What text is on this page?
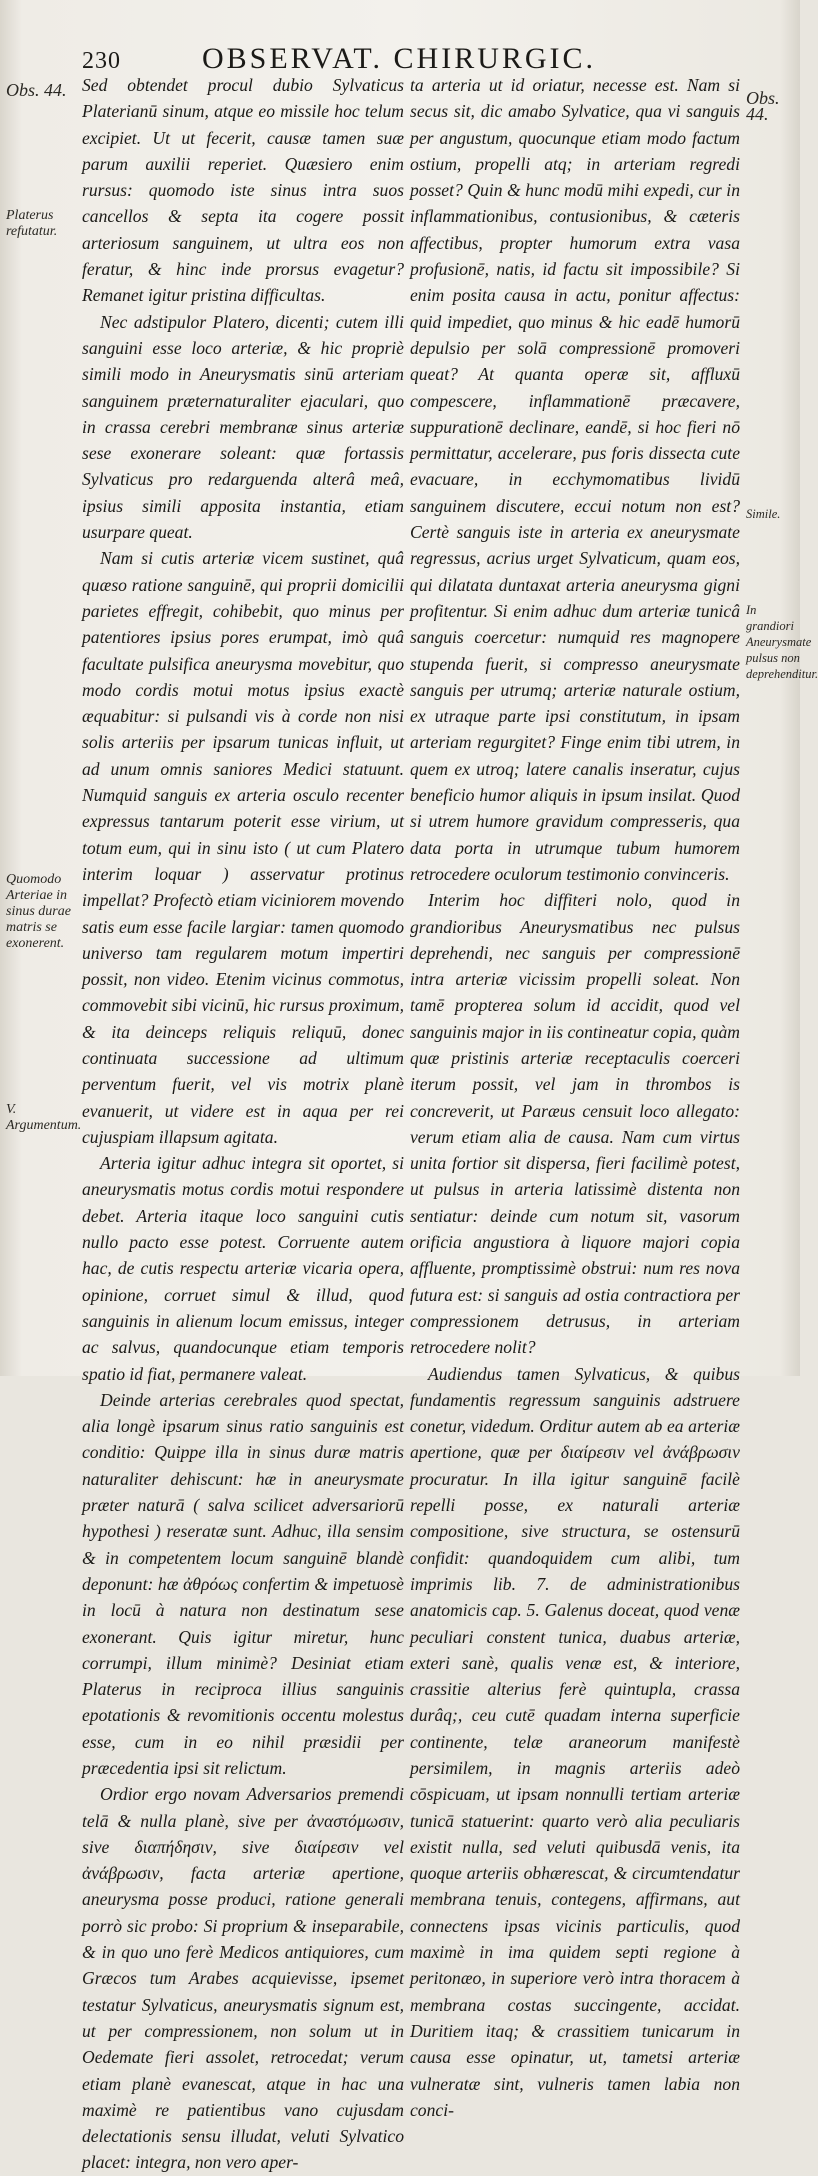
230	OBSERVAT. CHIRURGIC.
Obs. 44.	Obs. 44.
Platerus refutatur.
Quomodo Arteriae in sinus durae matris se exonerent.
V. Argumentum.
Simile.
In grandiori Aneurysmate pulsus non deprehenditur.

Sed obtendet procul dubio Sylvaticus Platerianū sinum, atque eo missile hoc telum excipiet. Ut ut fecerit, causæ tamen suæ parum auxilii reperiet. Quæsiero enim rursus: quomodo iste sinus intra suos cancellos & septa ita cogere possit arteriosum sanguinem, ut ultra eos non feratur, & hinc inde prorsus evagetur? Remanet igitur pristina difficultas.

Nec adstipulor Platero, dicenti; cutem illi sanguini esse loco arteriæ, & hic propriè simili modo in Aneurysmatis sinū arteriam sanguinem præternaturaliter ejaculari, quo in crassa cerebri membranæ sinus arteriæ sese exonerare soleant: quæ fortassis Sylvaticus pro redarguenda alterâ meâ, ipsius simili apposita instantia, etiam usurpare queat.

Nam si cutis arteriæ vicem sustinet, quâ quæso ratione sanguinē, qui proprii domicilii parietes effregit, cohibebit, quo minus per patentiores ipsius pores erumpat, imò quâ facultate pulsifica aneurysma movebitur, quo modo cordis motui motus ipsius exactè æquabitur: si pulsandi vis à corde non nisi solis arteriis per ipsarum tunicas influit, ut ad unum omnis saniores Medici statuunt. Numquid sanguis ex arteria osculo recenter expressus tantarum poterit esse virium, ut totum eum, qui in sinu isto ( ut cum Platero interim loquar ) asservatur protinus impellat? Profectò etiam viciniorem movendo satis eum esse facile largiar: tamen quomodo universo tam regularem motum impertiri possit, non video. Etenim vicinus commotus, commovebit sibi vicinū, hic rursus proximum, & ita deinceps reliquis reliquū, donec continuata successione ad ultimum perventum fuerit, vel vis motrix planè evanuerit, ut videre est in aqua per rei cujuspiam illapsum agitata.

Arteria igitur adhuc integra sit oportet, si aneurysmatis motus cordis motui respondere debet. Arteria itaque loco sanguini cutis nullo pacto esse potest. Corruente autem hac, de cutis respectu arteriæ vicaria opera, opinione, corruet simul & illud, quod sanguinis in alienum locum emissus, integer ac salvus, quandocunque etiam temporis spatio id fiat, permanere valeat.

Deinde arterias cerebrales quod spectat, alia longè ipsarum sinus ratio sanguinis est conditio: Quippe illa in sinus duræ matris naturaliter dehiscunt: hæ in aneurysmate præter naturā ( salva scilicet adversariorū hypothesi ) reseratæ sunt. Adhuc, illa sensim & in competentem locum sanguinē blandè deponunt: hæ ἀθρόως confertim & impetuosè in locū à natura non destinatum sese exonerant. Quis igitur miretur, hunc corrumpi, illum minimè? Desiniat etiam Platerus in reciproca illius sanguinis epotationis & revomitionis occentu molestus esse, cum in eo nihil præsidii per præcedentia ipsi sit relictum.

Ordior ergo novam Adversarios premendi telā & nulla planè, sive per ἀναστόμωσιν, sive διαπήδησιν, sive διαίρεσιν vel ἀνάβρωσιν, facta arteriæ apertione, aneurysma posse produci, ratione generali porrò sic probo: Si proprium & inseparabile, & in quo uno ferè Medicos antiquiores, cum Græcos tum Arabes acquievisse, ipsemet testatur Sylvaticus, aneurysmatis signum est, ut per compressionem, non solum ut in Oedemate fieri assolet, retrocedat; verum etiam planè evanescat, atque in hac una maximè re patientibus vano cujusdam delectationis sensu illudat, veluti Sylvatico placet: integra, non vero aper-

ta arteria ut id oriatur, necesse est. Nam si secus sit, dic amabo Sylvatice, qua vi sanguis per angustum, quocunque etiam modo factum ostium, propelli atq; in arteriam regredi posset? Quin & hunc modū mihi expedi, cur in inflammationibus, contusionibus, & cæteris affectibus, propter humorum extra vasa profusionē, natis, id factu sit impossibile? Si enim posita causa in actu, ponitur affectus: quid impediet, quo minus & hic eadē humorū depulsio per solā compressionē promoveri queat? At quanta operæ sit, affluxū compescere, inflammationē præcavere, suppurationē declinare, eandē, si hoc fieri nō permittatur, accelerare, pus foris dissecta cute evacuare, in ecchymomatibus lividū sanguinem discutere, eccui notum non est? Certè sanguis iste in arteria ex aneurysmate regressus, acrius urget Sylvaticum, quam eos, qui dilatata duntaxat arteria aneurysma gigni profitentur. Si enim adhuc dum arteriæ tunicâ sanguis coercetur: numquid res magnopere stupenda fuerit, si compresso aneurysmate sanguis per utrumq; arteriæ naturale ostium, ex utraque parte ipsi constitutum, in ipsam arteriam regurgitet? Finge enim tibi utrem, in quem ex utroq; latere canalis inseratur, cujus beneficio humor aliquis in ipsum insilat. Quod si utrem humore gravidum compresseris, qua data porta in utrumque tubum humorem retrocedere oculorum testimonio convinceris.

Interim hoc diffiteri nolo, quod in grandioribus Aneurysmatibus nec pulsus deprehendi, nec sanguis per compressionē intra arteriæ vicissim propelli soleat. Non tamē propterea solum id accidit, quod vel sanguinis major in iis contineatur copia, quàm quæ pristinis arteriæ receptaculis coerceri iterum possit, vel jam in thrombos is concreverit, ut Paræus censuit loco allegato: verum etiam alia de causa. Nam cum virtus unita fortior sit dispersa, fieri facilimè potest, ut pulsus in arteria latissimè distenta non sentiatur: deinde cum notum sit, vasorum orificia angustiora à liquore majori copia affluente, promptissimè obstrui: num res nova futura est: si sanguis ad ostia contractiora per compressionem detrusus, in arteriam retrocedere nolit?

Audiendus tamen Sylvaticus, & quibus fundamentis regressum sanguinis adstruere conetur, videdum. Orditur autem ab ea arteriæ apertione, quæ per διαίρεσιν vel ἀνάβρωσιν procuratur. In illa igitur sanguinē facilè repelli posse, ex naturali arteriæ compositione, sive structura, se ostensurū confidit: quandoquidem cum alibi, tum imprimis lib. 7. de administrationibus anatomicis cap. 5. Galenus doceat, quod venæ peculiari constent tunica, duabus arteriæ, exteri sanè, qualis venæ est, & interiore, crassitie alterius ferè quintupla, crassa durâq;, ceu cutē quadam interna superficie continente, telæ araneorum manifestè persimilem, in magnis arteriis adeò cōspicuam, ut ipsam nonnulli tertiam arteriæ tunicā statuerint: quarto verò alia peculiaris existit nulla, sed veluti quibusdā venis, ita quoque arteriis obhærescat, & circumtendatur membrana tenuis, contegens, affirmans, aut connectens ipsas vicinis particulis, quod maximè in ima quidem septi regione à peritonæo, in superiore verò intra thoracem à membrana costas succingente, accidat. Duritiem itaq; & crassitiem tunicarum in causa esse opinatur, ut, tametsi arteriæ vulneratæ sint, vulneris tamen labia non conci-
